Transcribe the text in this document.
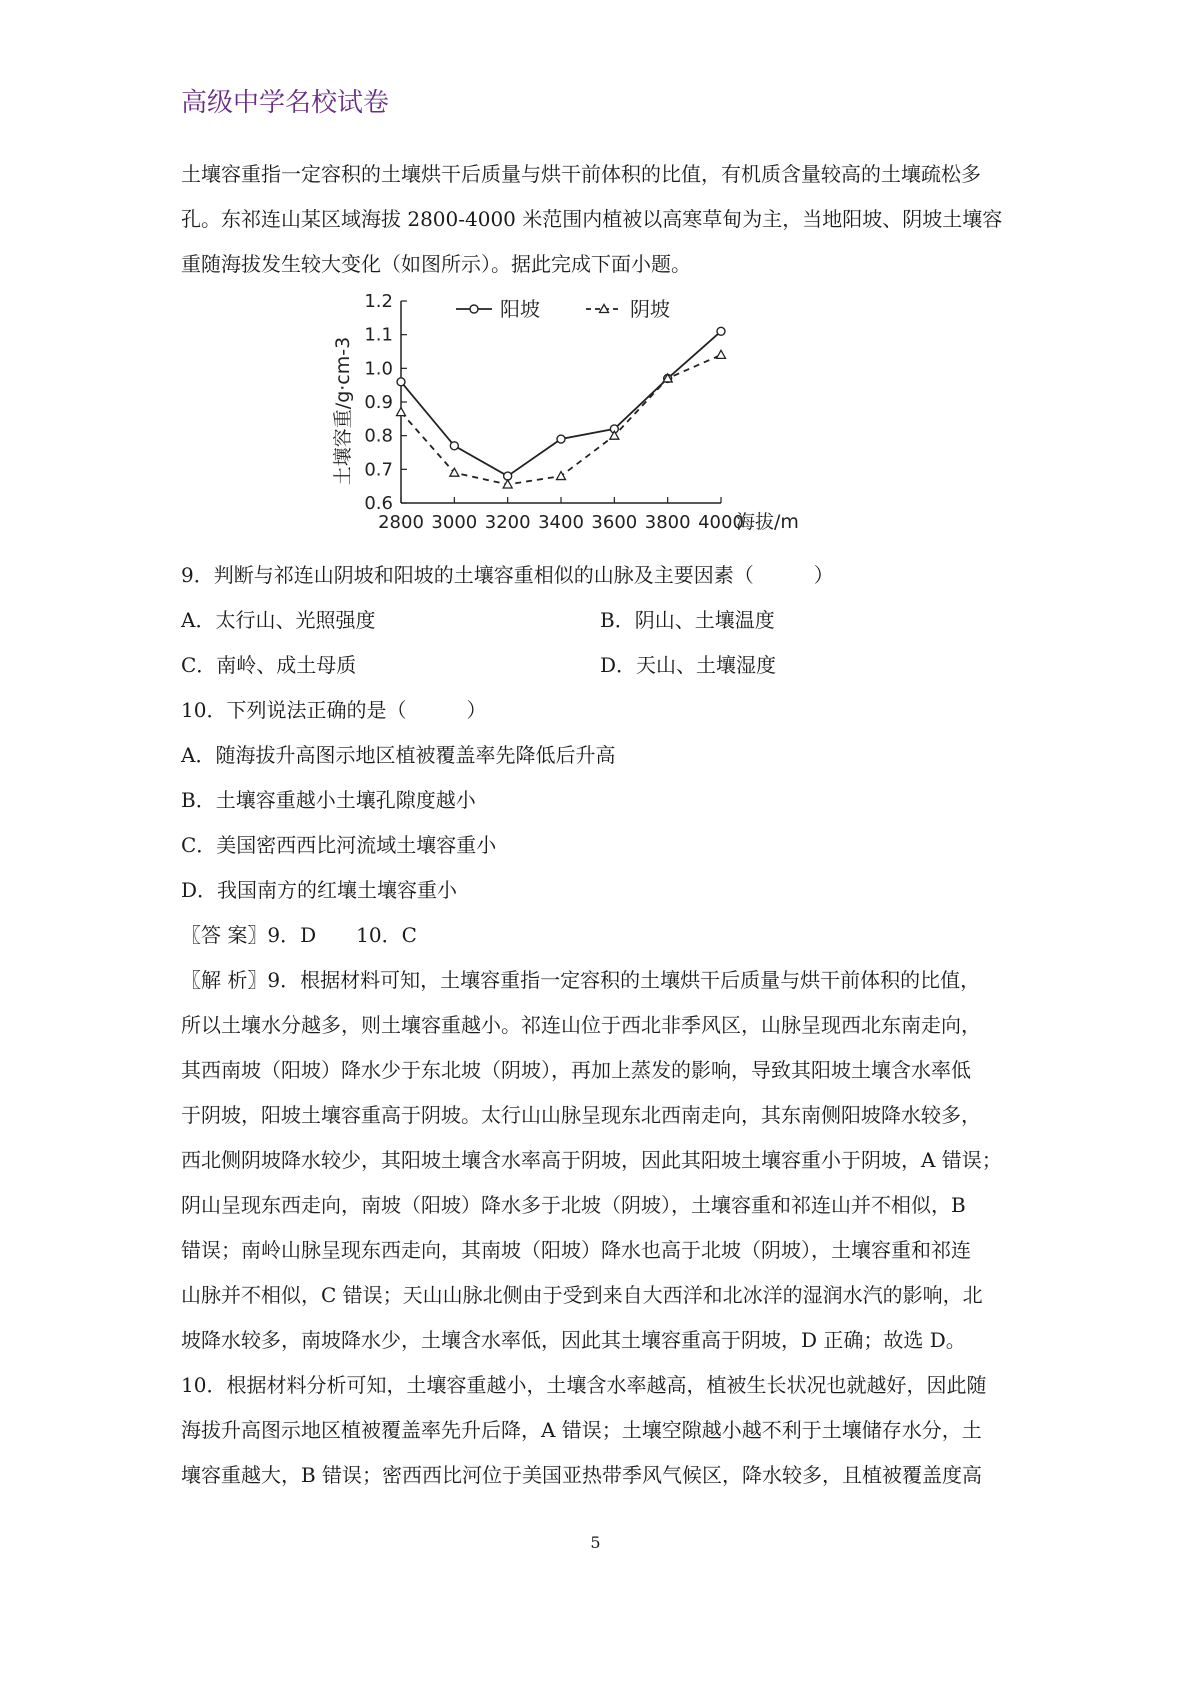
高级中学名校试卷

土壤容重指一定容积的土壤烘干后质量与烘干前体积的比值，有机质含量较高的土壤疏松多

孔。东祁连山某区域海拔 2800-4000 米范围内植被以高寒草甸为主，当地阳坡、阴坡土壤容

重随海拔发生较大变化（如图所示）。据此完成下面小题。

0.6
0.7
0.8
0.9
1.0
1.1
1.2
2800 3000 3200 3400 3600 3800 4000
阳坡	阴坡
土壤容重/g·cm-3
海拔/m

9．判断与祁连山阴坡和阳坡的土壤容重相似的山脉及主要因素（　　　）

A．太行山、光照强度	B．阴山、土壤温度
C．南岭、成土母质	D．天山、土壤湿度

10．下列说法正确的是（　　　）

A．随海拔升高图示地区植被覆盖率先降低后升高

B．土壤容重越小土壤孔隙度越小

C．美国密西西比河流域土壤容重小

D．我国南方的红壤土壤容重小

〖答 案〗9．D　　10．C

〖解 析〗9．根据材料可知，土壤容重指一定容积的土壤烘干后质量与烘干前体积的比值，

所以土壤水分越多，则土壤容重越小。祁连山位于西北非季风区，山脉呈现西北东南走向，

其西南坡（阳坡）降水少于东北坡（阴坡），再加上蒸发的影响，导致其阳坡土壤含水率低

于阴坡，阳坡土壤容重高于阴坡。太行山山脉呈现东北西南走向，其东南侧阳坡降水较多，

西北侧阴坡降水较少，其阳坡土壤含水率高于阴坡，因此其阳坡土壤容重小于阴坡，A 错误；

阴山呈现东西走向，南坡（阳坡）降水多于北坡（阴坡），土壤容重和祁连山并不相似，B

错误；南岭山脉呈现东西走向，其南坡（阳坡）降水也高于北坡（阴坡），土壤容重和祁连

山脉并不相似，C 错误；天山山脉北侧由于受到来自大西洋和北冰洋的湿润水汽的影响，北

坡降水较多，南坡降水少，土壤含水率低，因此其土壤容重高于阴坡，D 正确；故选 D。

10．根据材料分析可知，土壤容重越小，土壤含水率越高，植被生长状况也就越好，因此随

海拔升高图示地区植被覆盖率先升后降，A 错误；土壤空隙越小越不利于土壤储存水分，土

壤容重越大，B 错误；密西西比河位于美国亚热带季风气候区，降水较多，且植被覆盖度高

5
